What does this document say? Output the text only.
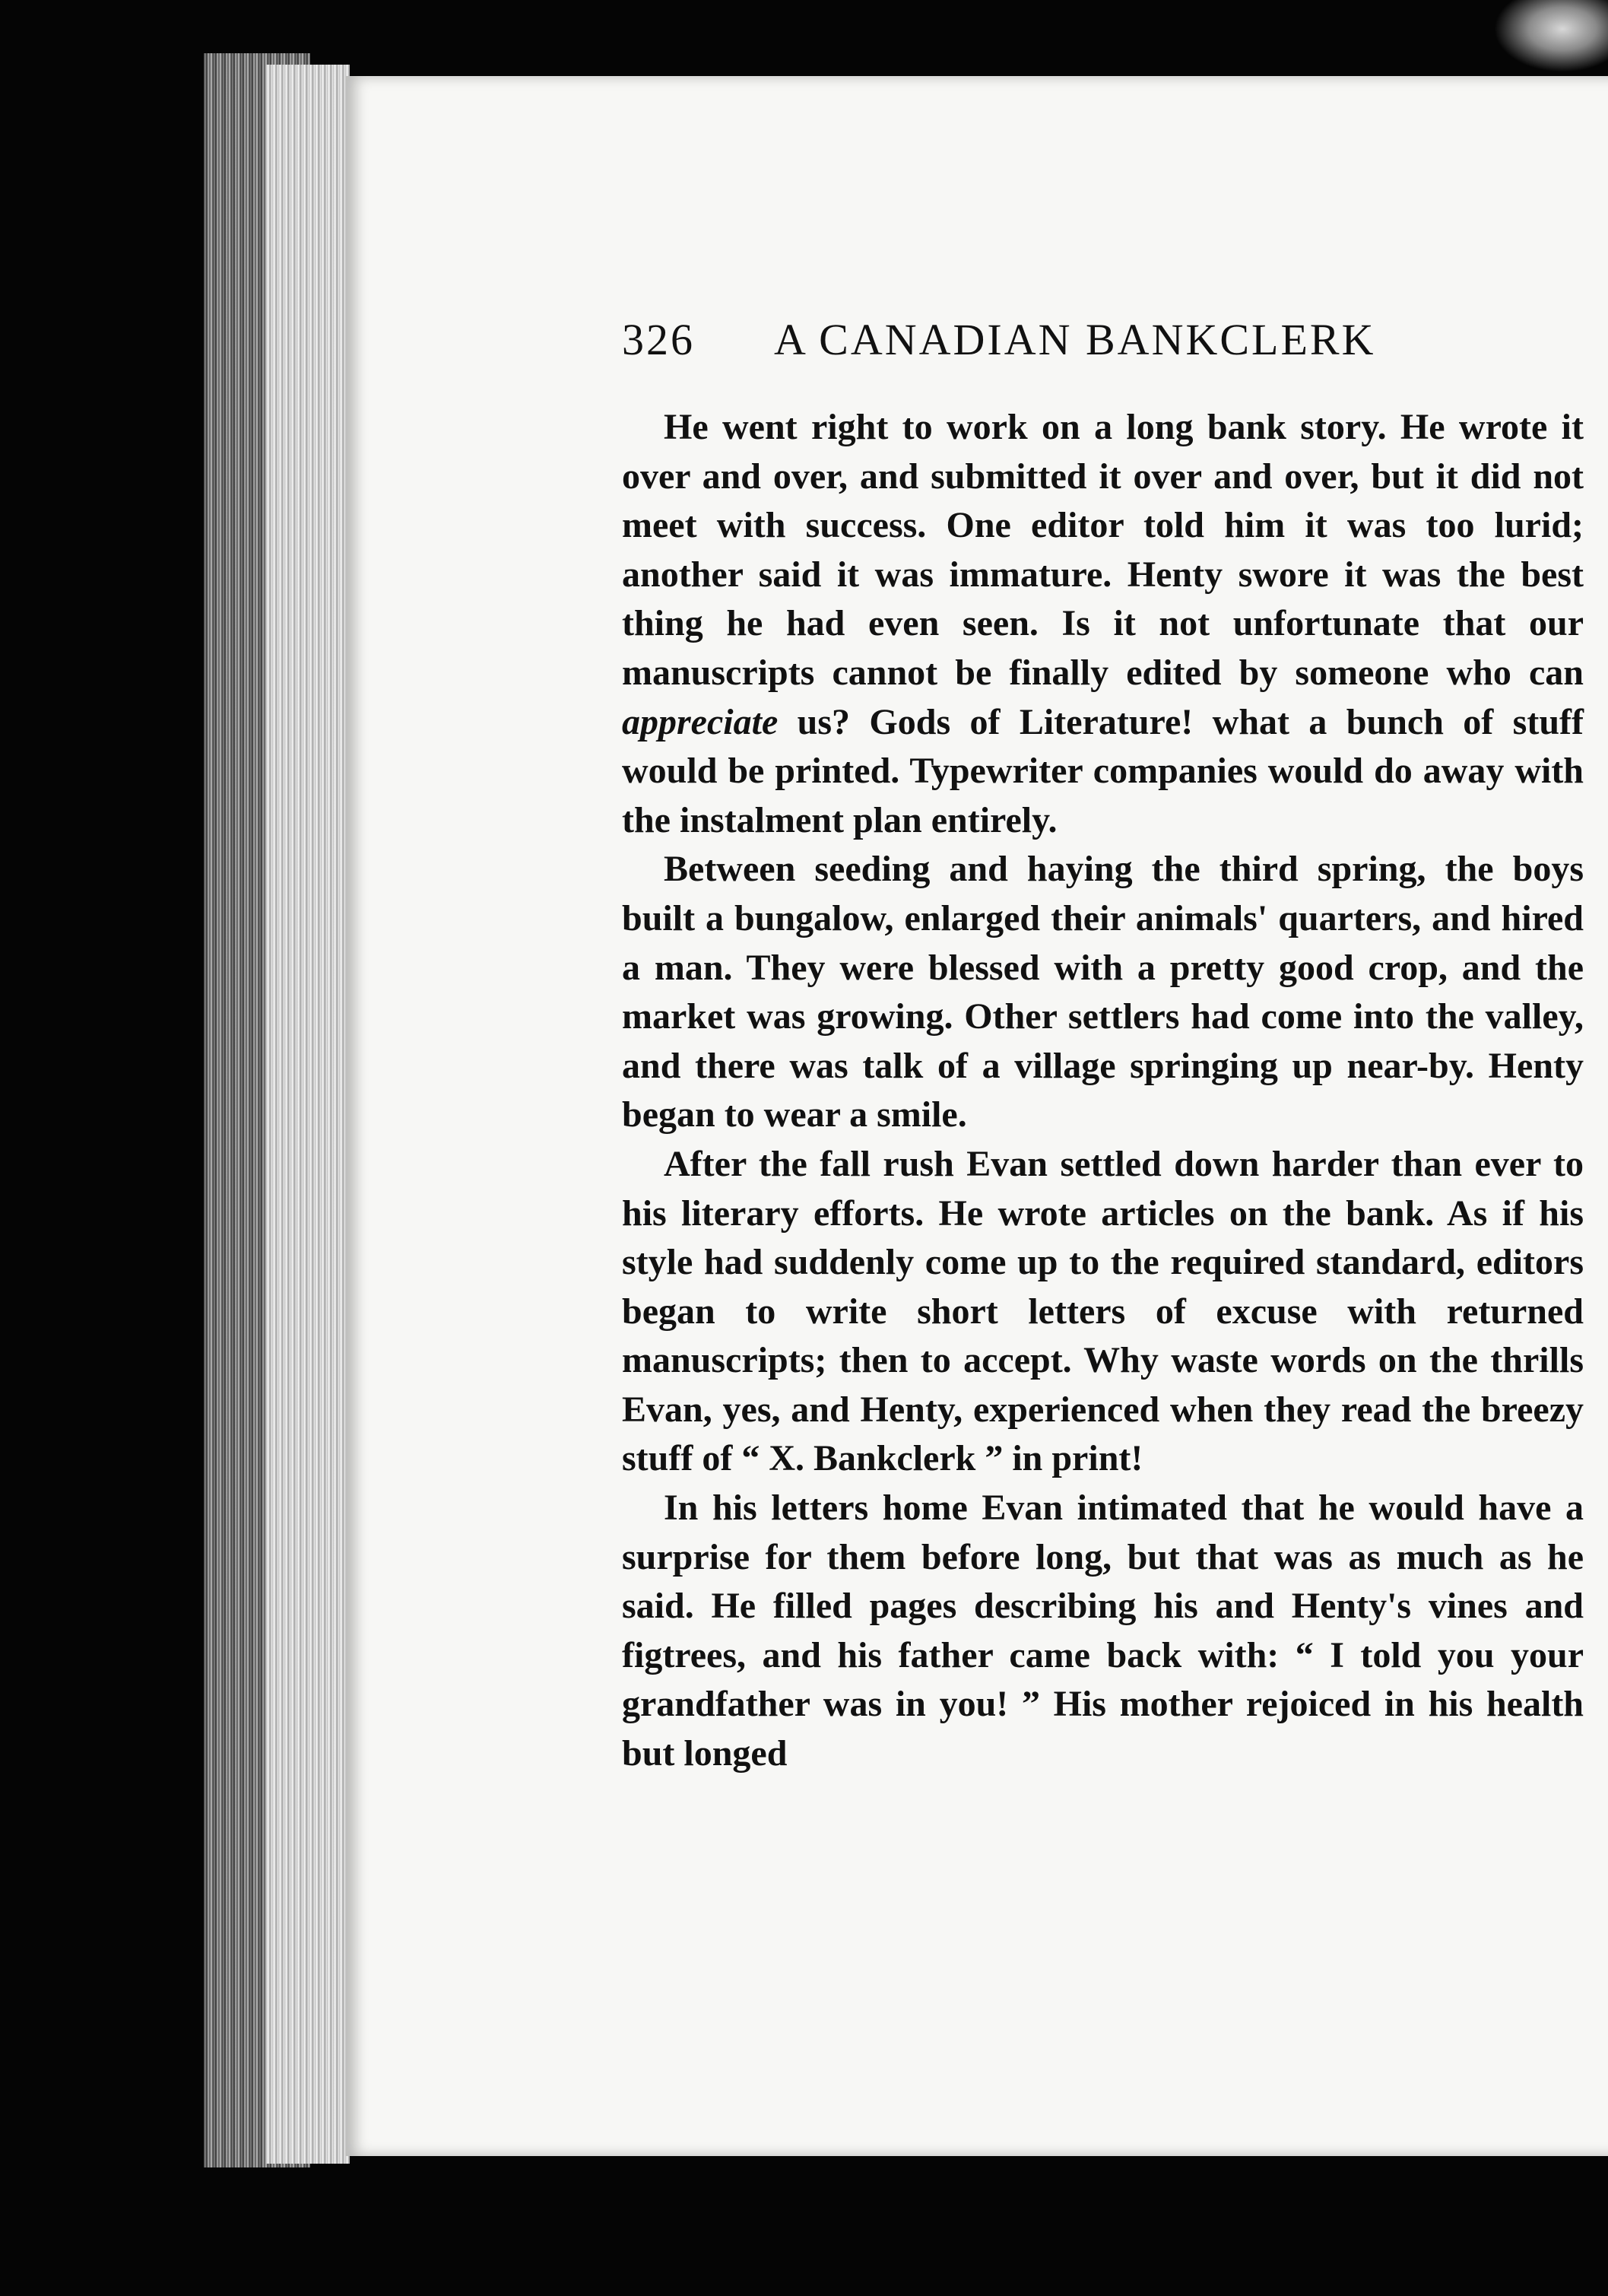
326 A CANADIAN BANKCLERK

He went right to work on a long bank story. He wrote it over and over, and submitted it over and over, but it did not meet with success. One editor told him it was too lurid; another said it was immature. Henty swore it was the best thing he had even seen. Is it not unfortunate that our manuscripts cannot be finally edited by someone who can appreciate us? Gods of Literature! what a bunch of stuff would be printed. Typewriter companies would do away with the instalment plan entirely.

Between seeding and haying the third spring, the boys built a bungalow, enlarged their animals' quarters, and hired a man. They were blessed with a pretty good crop, and the market was growing. Other settlers had come into the valley, and there was talk of a village springing up near-by. Henty began to wear a smile.

After the fall rush Evan settled down harder than ever to his literary efforts. He wrote articles on the bank. As if his style had suddenly come up to the required standard, editors began to write short letters of excuse with returned manuscripts; then to accept. Why waste words on the thrills Evan, yes, and Henty, experienced when they read the breezy stuff of “ X. Bankclerk ” in print!

In his letters home Evan intimated that he would have a surprise for them before long, but that was as much as he said. He filled pages describing his and Henty's vines and figtrees, and his father came back with: “ I told you your grandfather was in you! ” His mother rejoiced in his health but longed
